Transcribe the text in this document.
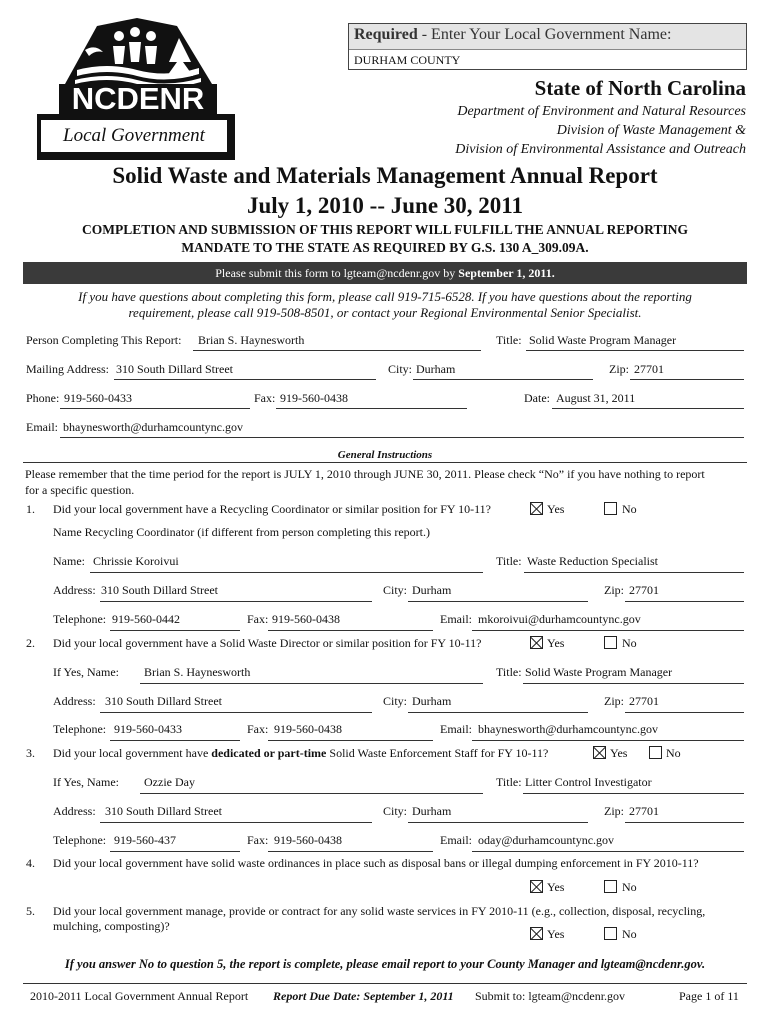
NCDENR
Local Government
Required - Enter Your Local Government Name:
DURHAM COUNTY
State of North Carolina
Department of Environment and Natural Resources
Division of Waste Management &
Division of Environmental Assistance and Outreach
Solid Waste and Materials Management Annual Report
July 1, 2010 -- June 30, 2011
COMPLETION AND SUBMISSION OF THIS REPORT WILL FULFILL THE ANNUAL REPORTING
MANDATE TO THE STATE AS REQUIRED BY G.S. 130 A_309.09A.
Please submit this form to lgteam@ncdenr.gov by September 1, 2011.
If you have questions about completing this form, please call 919-715-6528. If you have questions about the reporting
requirement, please call 919-508-8501, or contact your Regional Environmental Senior Specialist.
Person Completing This Report: Brian S. Haynesworth	Title: Solid Waste Program Manager
Mailing Address: 310 South Dillard Street	City: Durham	Zip: 27701
Phone: 919-560-0433	Fax: 919-560-0438	Date: August 31, 2011
Email: bhaynesworth@durhamcountync.gov
General Instructions
Please remember that the time period for the report is JULY 1, 2010 through JUNE 30, 2011. Please check “No” if you have nothing to report
for a specific question.
1. Did your local government have a Recycling Coordinator or similar position for FY 10-11?	Yes	No
Name Recycling Coordinator (if different from person completing this report.)
Name: Chrissie Koroivui	Title: Waste Reduction Specialist
Address: 310 South Dillard Street	City: Durham	Zip: 27701
Telephone: 919-560-0442	Fax: 919-560-0438	Email: mkoroivui@durhamcountync.gov
2. Did your local government have a Solid Waste Director or similar position for FY 10-11?	Yes	No
If Yes, Name: Brian S. Haynesworth	Title: Solid Waste Program Manager
Address: 310 South Dillard Street	City: Durham	Zip: 27701
Telephone: 919-560-0433	Fax: 919-560-0438	Email: bhaynesworth@durhamcountync.gov
3. Did your local government have dedicated or part-time Solid Waste Enforcement Staff for FY 10-11?	Yes	No
If Yes, Name: Ozzie Day	Title: Litter Control Investigator
Address: 310 South Dillard Street	City: Durham	Zip: 27701
Telephone: 919-560-437	Fax: 919-560-0438	Email: oday@durhamcountync.gov
4. Did your local government have solid waste ordinances in place such as disposal bans or illegal dumping enforcement in FY 2010-11?
Yes	No
5. Did your local government manage, provide or contract for any solid waste services in FY 2010-11 (e.g., collection, disposal, recycling,
mulching, composting)?
Yes	No
If you answer No to question 5, the report is complete, please email report to your County Manager and lgteam@ncdenr.gov.
2010-2011 Local Government Annual Report Report Due Date: September 1, 2011 Submit to: lgteam@ncdenr.gov	Page 1 of 11
